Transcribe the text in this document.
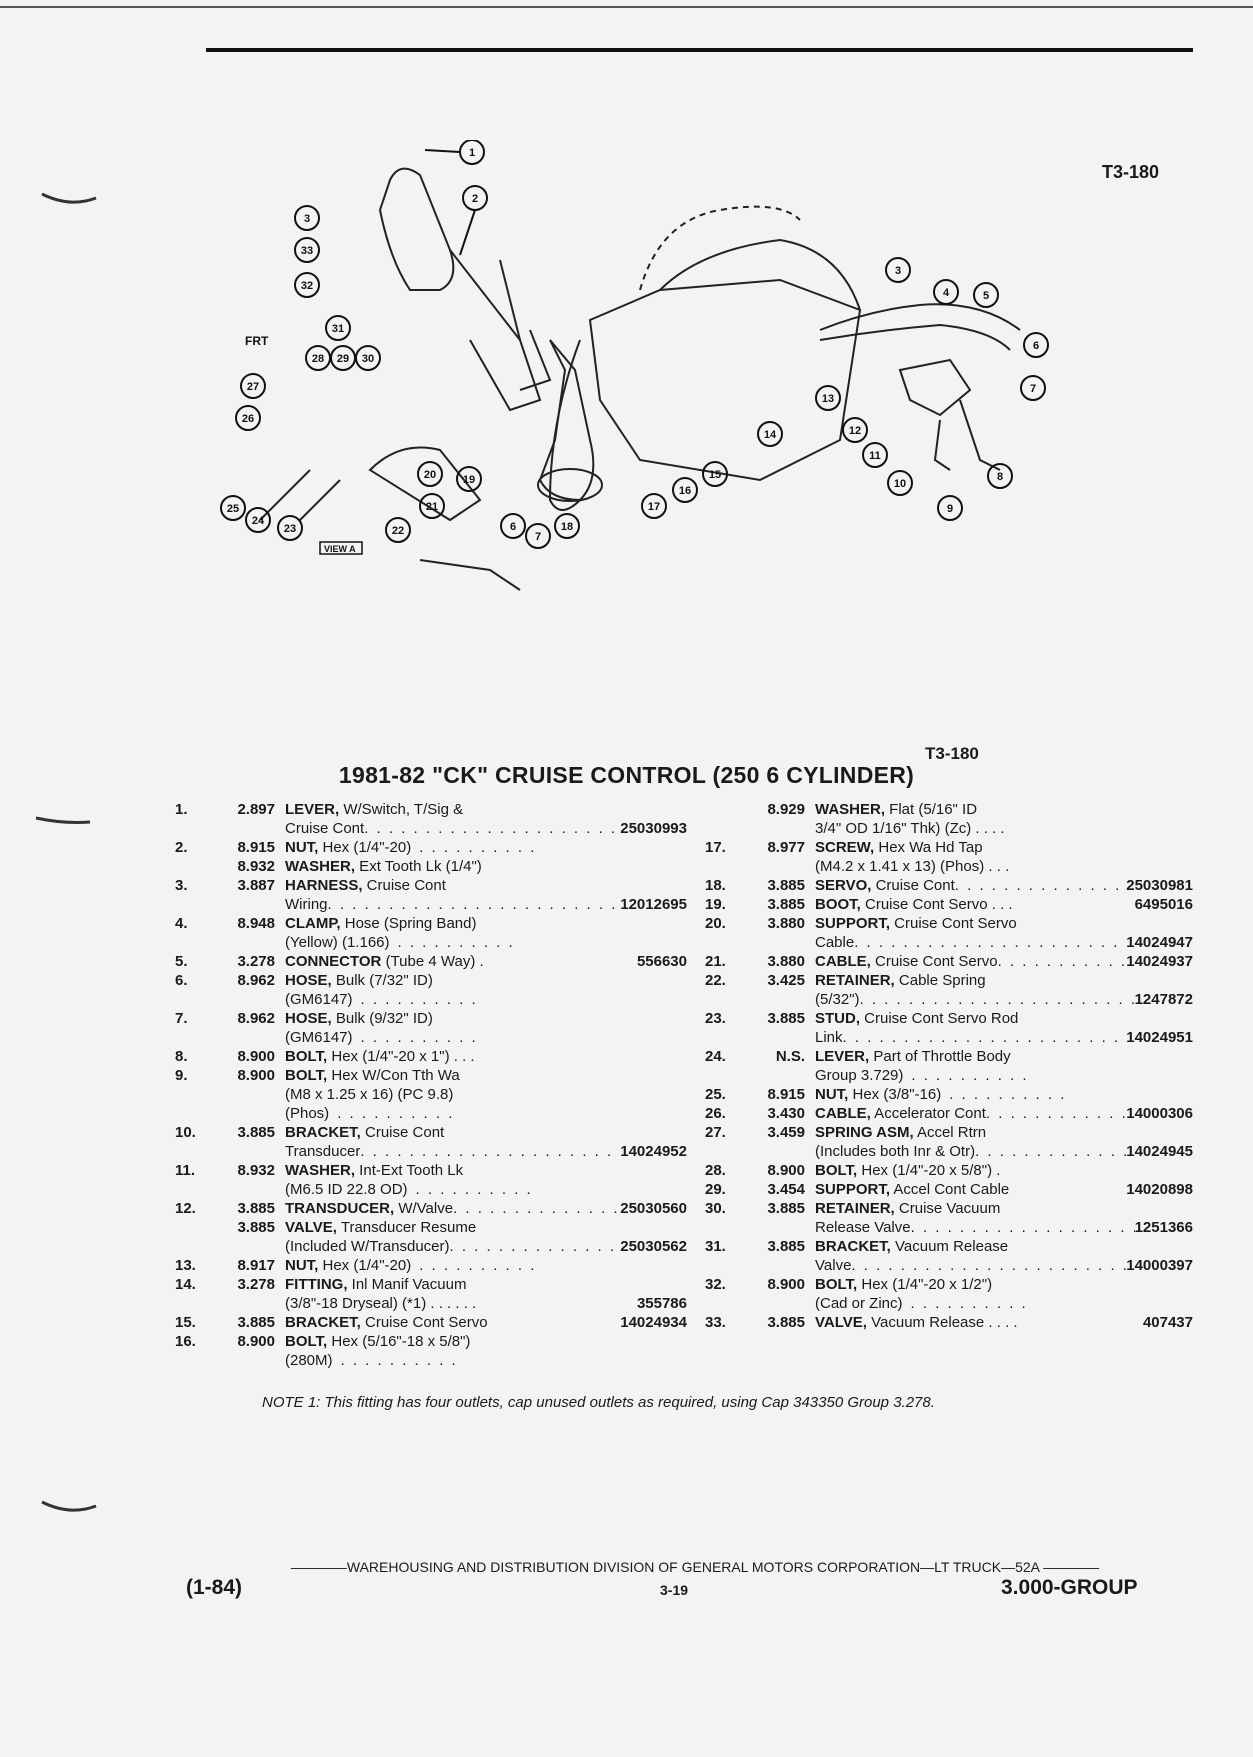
T3-180
1
2
3
33
32
31
28 29 30
27
26
25
24
23	22
21
20 19
6
7
18
17
16
15
14
3
4	5
6
7
8
9
10
11
12
13
VIEW A
FRT
T3-180
1981-82 "CK" CRUISE CONTROL (250 6 CYLINDER)
1.	2.897 LEVER, W/Switch, T/Sig &
Cruise Cont . . .	25030993
2.	8.915 NUT, Hex (1/4"-20)
. . .
8.932 WASHER, Ext Tooth Lk (1/4")
3.	3.887 HARNESS, Cruise Cont
Wiring . . .	12012695
4.	8.948 CLAMP, Hose (Spring Band)
(Yellow) (1.166)
. . .
5.	3.278 CONNECTOR (Tube 4 Way) .	556630
6.	8.962 HOSE, Bulk (7/32" ID)
(GM6147)
. . .
7.	8.962 HOSE, Bulk (9/32" ID)
(GM6147)
. . .
8.	8.900 BOLT, Hex (1/4"-20 x 1") . . .
9.	8.900 BOLT, Hex W/Con Tth Wa
(M8 x 1.25 x 16) (PC 9.8)
(Phos)
. . .
10.	3.885 BRACKET, Cruise Cont
Transducer . . .	14024952
11.	8.932 WASHER, Int-Ext Tooth Lk
(M6.5 ID 22.8 OD)
. . .
12.	3.885 TRANSDUCER, W/Valve . . .	25030560
3.885 VALVE, Transducer Resume
(Included W/Transducer) . . .	25030562
13.	8.917 NUT, Hex (1/4"-20)
. . .
14.	3.278 FITTING, Inl Manif Vacuum
(3/8"-18 Dryseal) (*1) . . . . . .	355786
15.	3.885 BRACKET, Cruise Cont Servo	14024934
16.	8.900 BOLT, Hex (5/16"-18 x 5/8")
(280M)
. . .
8.929 WASHER, Flat (5/16" ID
3/4" OD 1/16" Thk) (Zc) . . . .
17.	8.977 SCREW, Hex Wa Hd Tap
(M4.2 x 1.41 x 13) (Phos) . . .
18.	3.885 SERVO, Cruise Cont . . .	25030981
19.	3.885 BOOT, Cruise Cont Servo . . .	6495016
20.	3.880 SUPPORT, Cruise Cont Servo
Cable . . .	14024947
21.	3.880 CABLE, Cruise Cont Servo . . .	14024937
22.	3.425 RETAINER, Cable Spring
(5/32") . . .	1247872
23.	3.885 STUD, Cruise Cont Servo Rod
Link . . .	14024951
24.	N.S. LEVER, Part of Throttle Body
Group 3.729)
. . .
25.	8.915 NUT, Hex (3/8"-16)
. . .
26.	3.430 CABLE, Accelerator Cont . . .	14000306
27.	3.459 SPRING ASM, Accel Rtrn
(Includes both Inr & Otr) . . .	14024945
28.	8.900 BOLT, Hex (1/4"-20 x 5/8") .
29.	3.454 SUPPORT, Accel Cont Cable	14020898
30.	3.885 RETAINER, Cruise Vacuum
Release Valve . . .	1251366
31.	3.885 BRACKET, Vacuum Release
Valve . . .	14000397
32.	8.900 BOLT, Hex (1/4"-20 x 1/2")
(Cad or Zinc)
. . .
33.	3.885 VALVE, Vacuum Release . . . .	407437
NOTE 1: This fitting has four outlets, cap unused outlets as required, using Cap 343350 Group 3.278.
————WAREHOUSING AND DISTRIBUTION DIVISION OF GENERAL MOTORS CORPORATION—LT TRUCK—52A ————
(1-84)	3-19	3.000-GROUP
